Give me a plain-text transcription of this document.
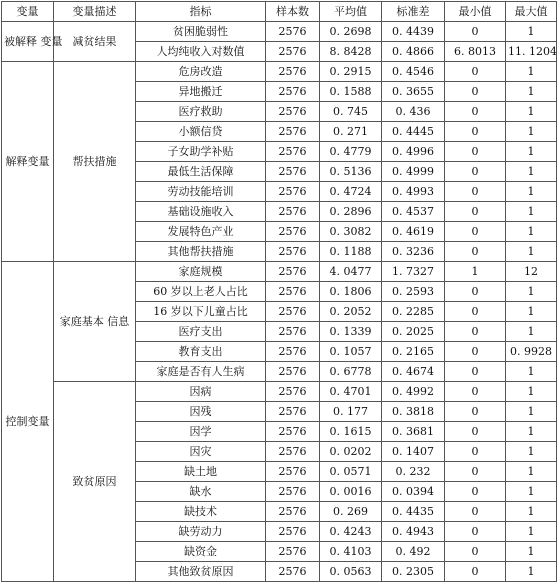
变量	变量描述	指标	样本数	平均值	标准差	最小值	最大值
被解释 变量	减贫结果	贫困脆弱性	2576	0. 2698	0. 4439	0	1
		人均纯收入对数值	2576	8. 8428	0. 4866	6. 8013	11. 1204
解释变量	帮扶措施	危房改造	2576	0. 2915	0. 4546	0	1
		异地搬迁	2576	0. 1588	0. 3655	0	1
		医疗救助	2576	0. 745	0. 436	0	1
		小额信贷	2576	0. 271	0. 4445	0	1
		子女助学补贴	2576	0. 4779	0. 4996	0	1
		最低生活保障	2576	0. 5136	0. 4999	0	1
		劳动技能培训	2576	0. 4724	0. 4993	0	1
		基础设施收入	2576	0. 2896	0. 4537	0	1
		发展特色产业	2576	0. 3082	0. 4619	0	1
		其他帮扶措施	2576	0. 1188	0. 3236	0	1
控制变量	家庭基本 信息	家庭规模	2576	4. 0477	1. 7327	1	12
		60 岁以上老人占比	2576	0. 1806	0. 2593	0	1
		16 岁以下儿童占比	2576	0. 2052	0. 2285	0	1
		医疗支出	2576	0. 1339	0. 2025	0	1
		教育支出	2576	0. 1057	0. 2165	0	0. 9928
		家庭是否有人生病	2576	0. 6778	0. 4674	0	1
	致贫原因	因病	2576	0. 4701	0. 4992	0	1
		因残	2576	0. 177	0. 3818	0	1
		因学	2576	0. 1615	0. 3681	0	1
		因灾	2576	0. 0202	0. 1407	0	1
		缺土地	2576	0. 0571	0. 232	0	1
		缺水	2576	0. 0016	0. 0394	0	1
		缺技术	2576	0. 269	0. 4435	0	1
		缺劳动力	2576	0. 4243	0. 4943	0	1
		缺资金	2576	0. 4103	0. 492	0	1
		其他致贫原因	2576	0. 0563	0. 2305	0	1
